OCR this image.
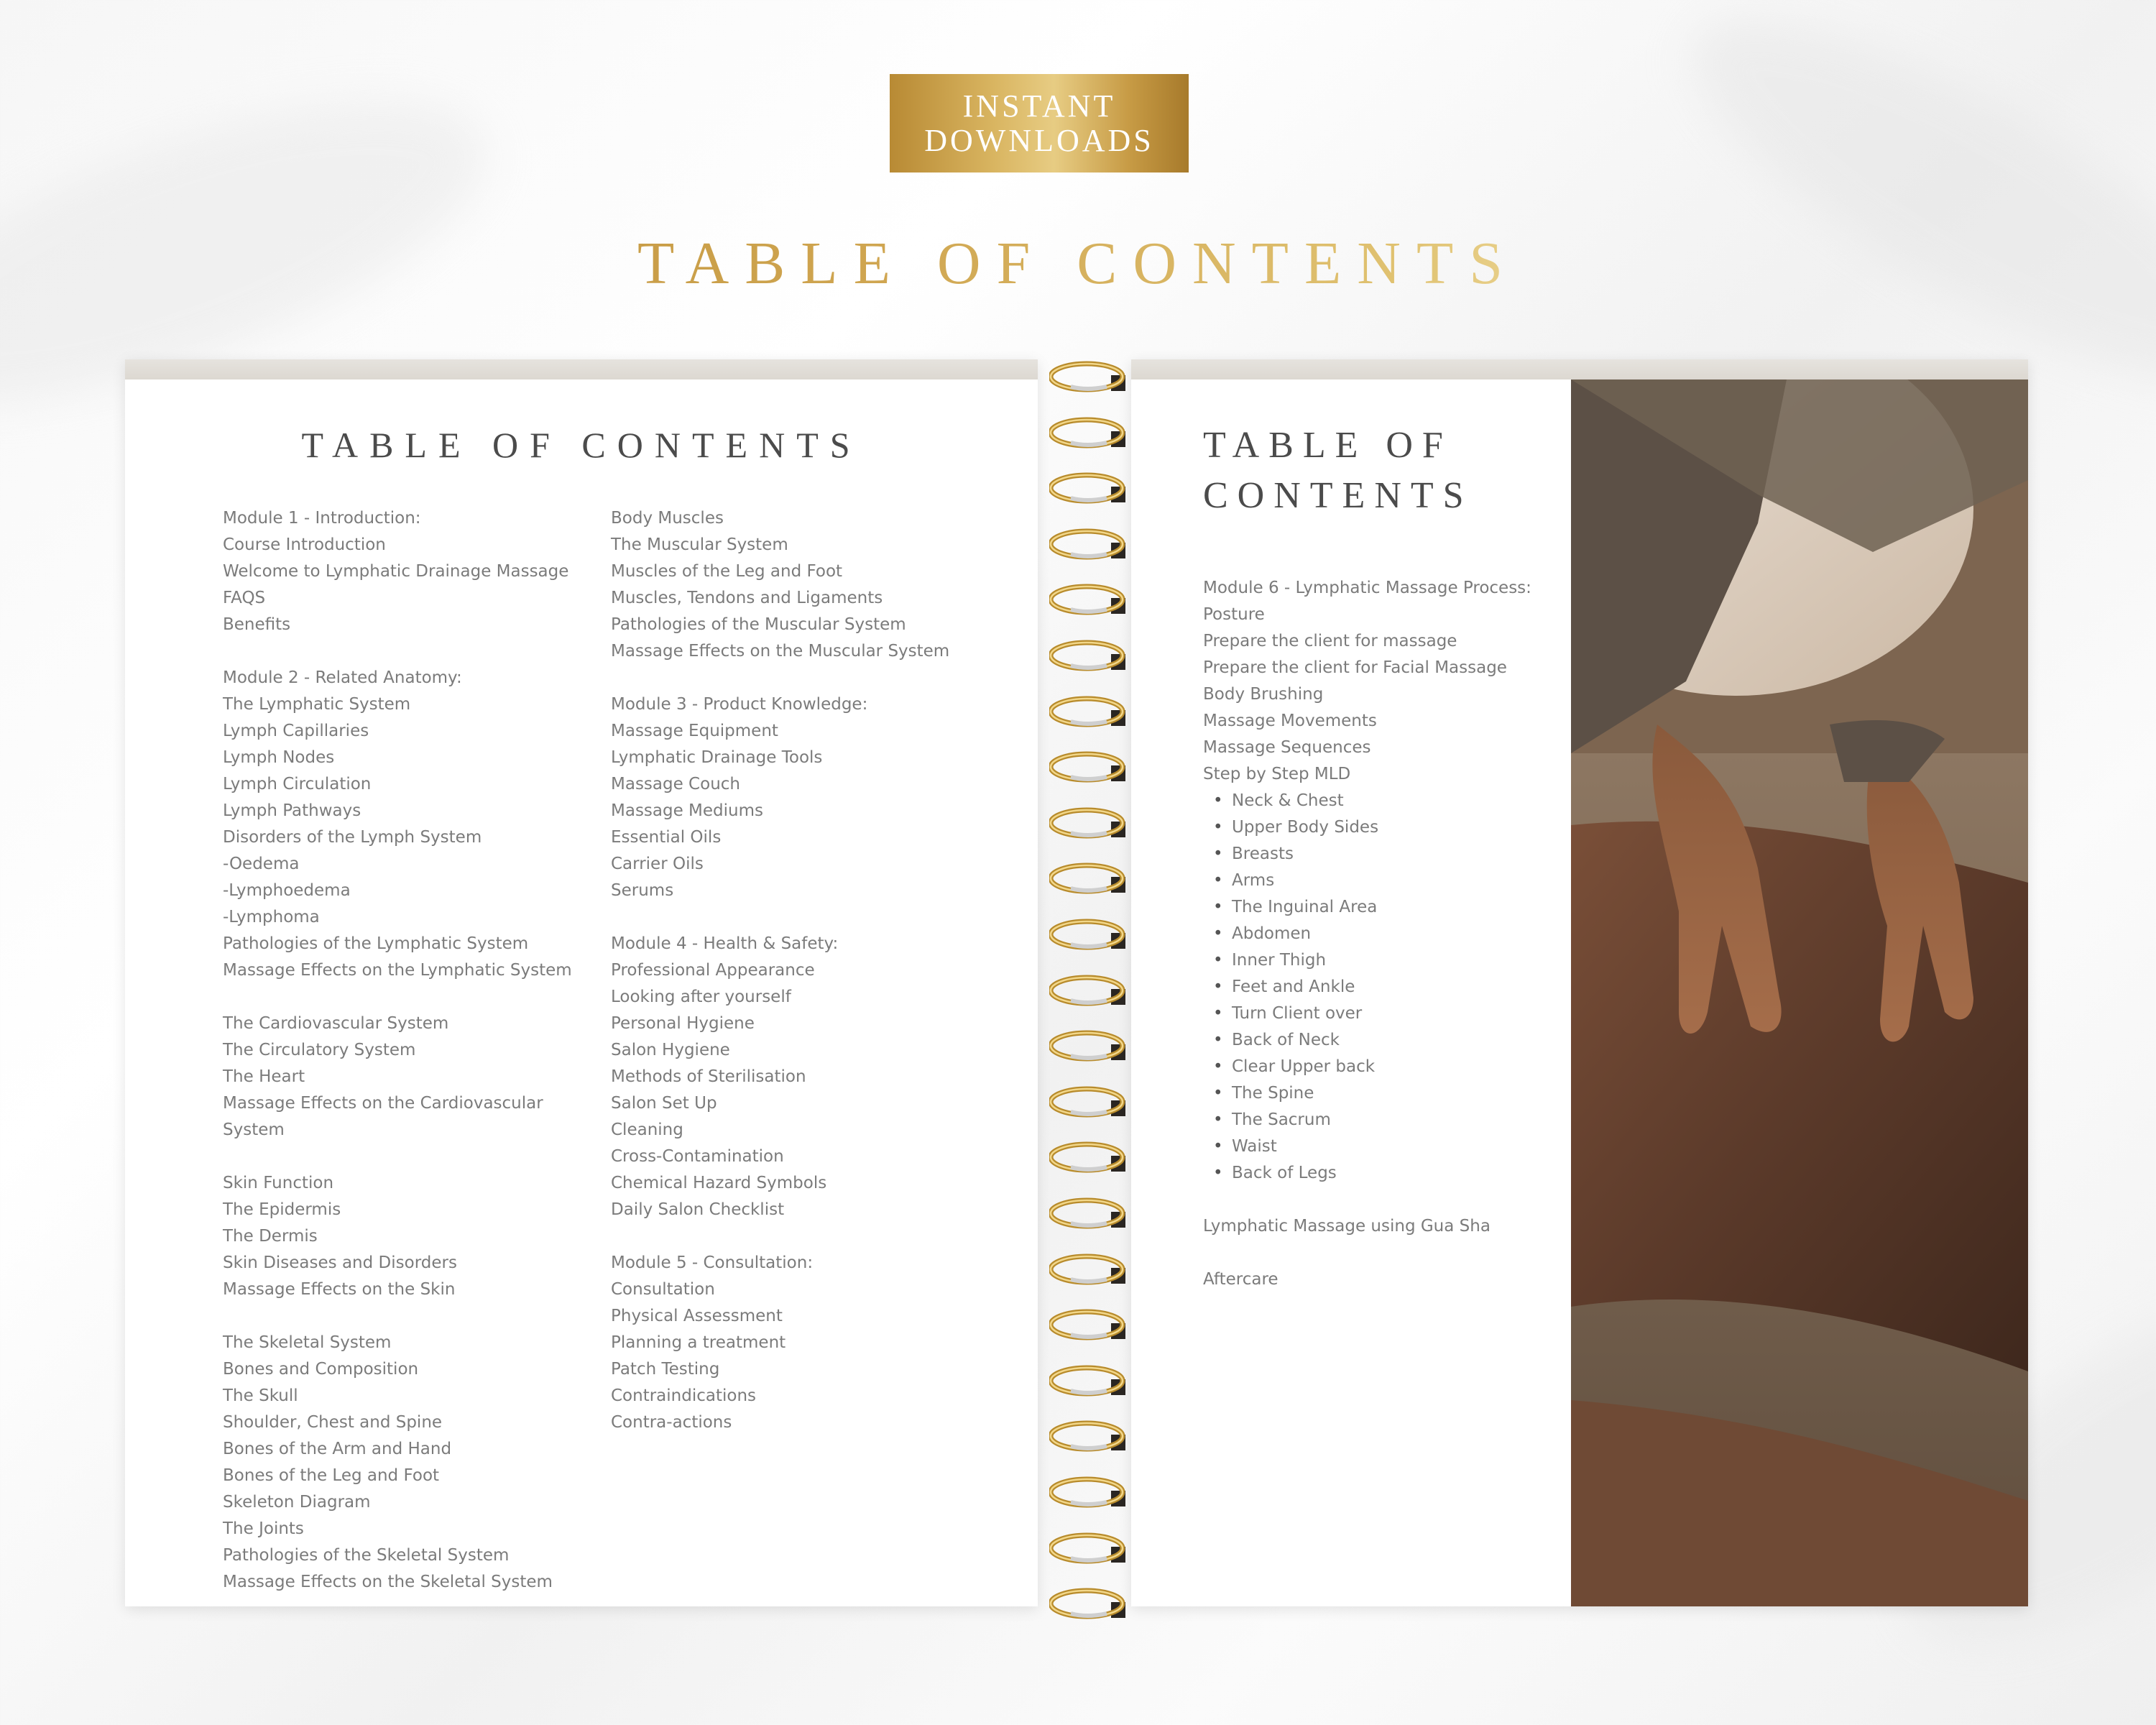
INSTANT
DOWNLOADS
TABLE OF CONTENTS
TABLE OF CONTENTS
Module 1 - Introduction:
Course Introduction
Welcome to Lymphatic Drainage Massage
FAQS
Benefits
Module 2 - Related Anatomy:
The Lymphatic System
Lymph Capillaries
Lymph Nodes
Lymph Circulation
Lymph Pathways
Disorders of the Lymph System
-Oedema
-Lymphoedema
-Lymphoma
Pathologies of the Lymphatic System
Massage Effects on the Lymphatic System
The Cardiovascular System
The Circulatory System
The Heart
Massage Effects on the Cardiovascular
System
Skin Function
The Epidermis
The Dermis
Skin Diseases and Disorders
Massage Effects on the Skin
The Skeletal System
Bones and Composition
The Skull
Shoulder, Chest and Spine
Bones of the Arm and Hand
Bones of the Leg and Foot
Skeleton Diagram
The Joints
Pathologies of the Skeletal System
Massage Effects on the Skeletal System
Body Muscles
The Muscular System
Muscles of the Leg and Foot
Muscles, Tendons and Ligaments
Pathologies of the Muscular System
Massage Effects on the Muscular System
Module 3 - Product Knowledge:
Massage Equipment
Lymphatic Drainage Tools
Massage Couch
Massage Mediums
Essential Oils
Carrier Oils
Serums
Module 4 - Health & Safety:
Professional Appearance
Looking after yourself
Personal Hygiene
Salon Hygiene
Methods of Sterilisation
Salon Set Up
Cleaning
Cross-Contamination
Chemical Hazard Symbols
Daily Salon Checklist
Module 5 - Consultation:
Consultation
Physical Assessment
Planning a treatment
Patch Testing
Contraindications
Contra-actions
TABLE OF
CONTENTS
Module 6 - Lymphatic Massage Process:
Posture
Prepare the client for massage
Prepare the client for Facial Massage
Body Brushing
Massage Movements
Massage Sequences
Step by Step MLD
• Neck & Chest
• Upper Body Sides
• Breasts
• Arms
• The Inguinal Area
• Abdomen
• Inner Thigh
• Feet and Ankle
• Turn Client over
• Back of Neck
• Clear Upper back
• The Spine
• The Sacrum
• Waist
• Back of Legs
Lymphatic Massage using Gua Sha
Aftercare
